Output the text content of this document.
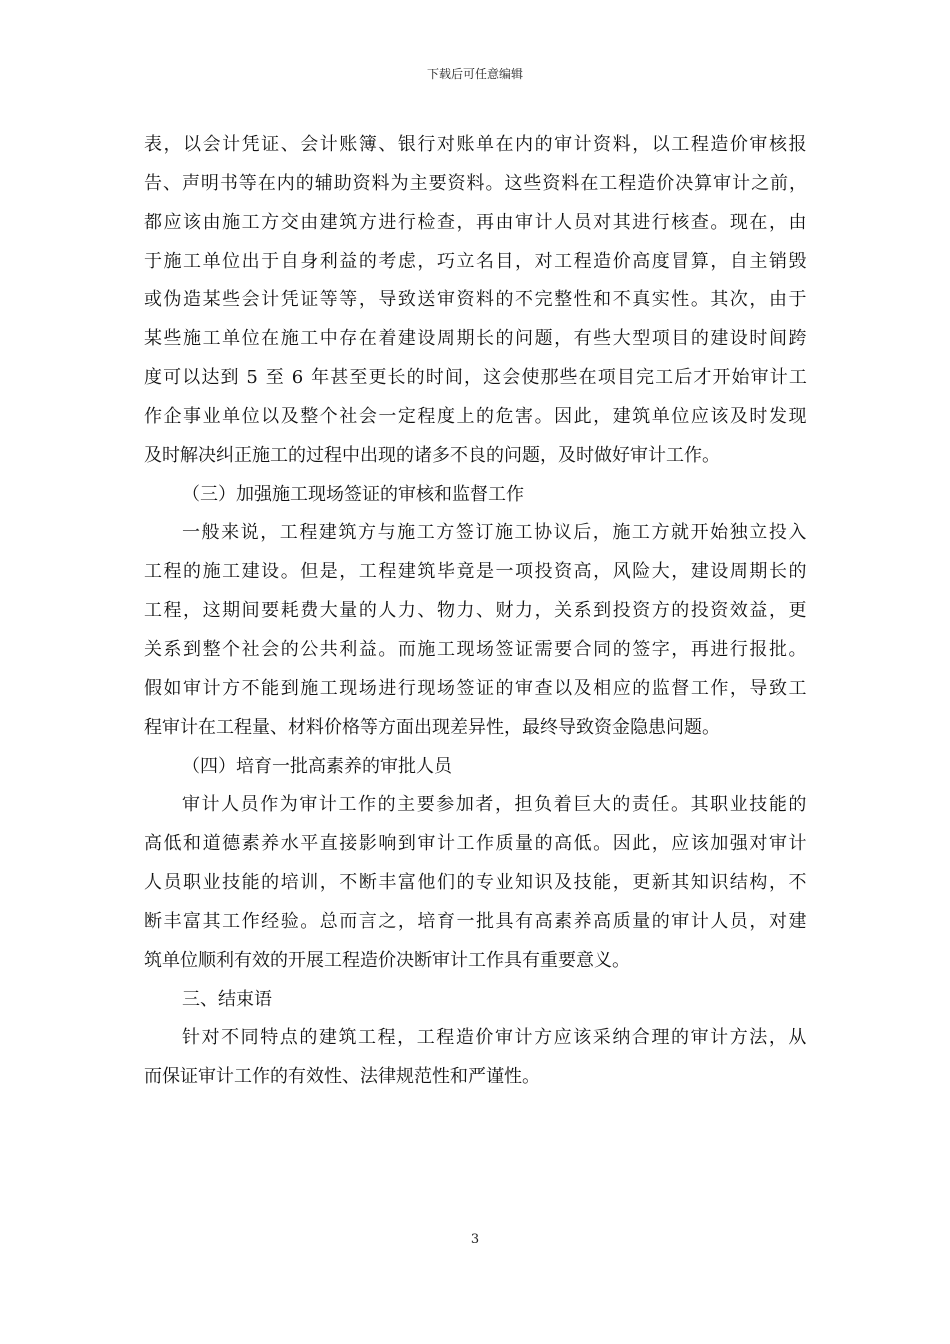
下载后可任意编辑
表，以会计凭证、会计账簿、银行对账单在内的审计资料，以工程造价审核报
告、声明书等在内的辅助资料为主要资料。这些资料在工程造价决算审计之前，
都应该由施工方交由建筑方进行检查，再由审计人员对其进行核查。现在，由
于施工单位出于自身利益的考虑，巧立名目，对工程造价高度冒算，自主销毁
或伪造某些会计凭证等等，导致送审资料的不完整性和不真实性。其次，由于
某些施工单位在施工中存在着建设周期长的问题，有些大型项目的建设时间跨
度可以达到 5 至 6 年甚至更长的时间，这会使那些在项目完工后才开始审计工
作企事业单位以及整个社会一定程度上的危害。因此，建筑单位应该及时发现
及时解决纠正施工的过程中出现的诸多不良的问题，及时做好审计工作。
（三）加强施工现场签证的审核和监督工作
一般来说，工程建筑方与施工方签订施工协议后，施工方就开始独立投入
工程的施工建设。但是，工程建筑毕竟是一项投资高，风险大，建设周期长的
工程，这期间要耗费大量的人力、物力、财力，关系到投资方的投资效益，更
关系到整个社会的公共利益。而施工现场签证需要合同的签字，再进行报批。
假如审计方不能到施工现场进行现场签证的审查以及相应的监督工作，导致工
程审计在工程量、材料价格等方面出现差异性，最终导致资金隐患问题。
（四）培育一批高素养的审批人员
审计人员作为审计工作的主要参加者，担负着巨大的责任。其职业技能的
高低和道德素养水平直接影响到审计工作质量的高低。因此，应该加强对审计
人员职业技能的培训，不断丰富他们的专业知识及技能，更新其知识结构，不
断丰富其工作经验。总而言之，培育一批具有高素养高质量的审计人员，对建
筑单位顺利有效的开展工程造价决断审计工作具有重要意义。
三、结束语
针对不同特点的建筑工程，工程造价审计方应该采纳合理的审计方法，从
而保证审计工作的有效性、法律规范性和严谨性。
3
